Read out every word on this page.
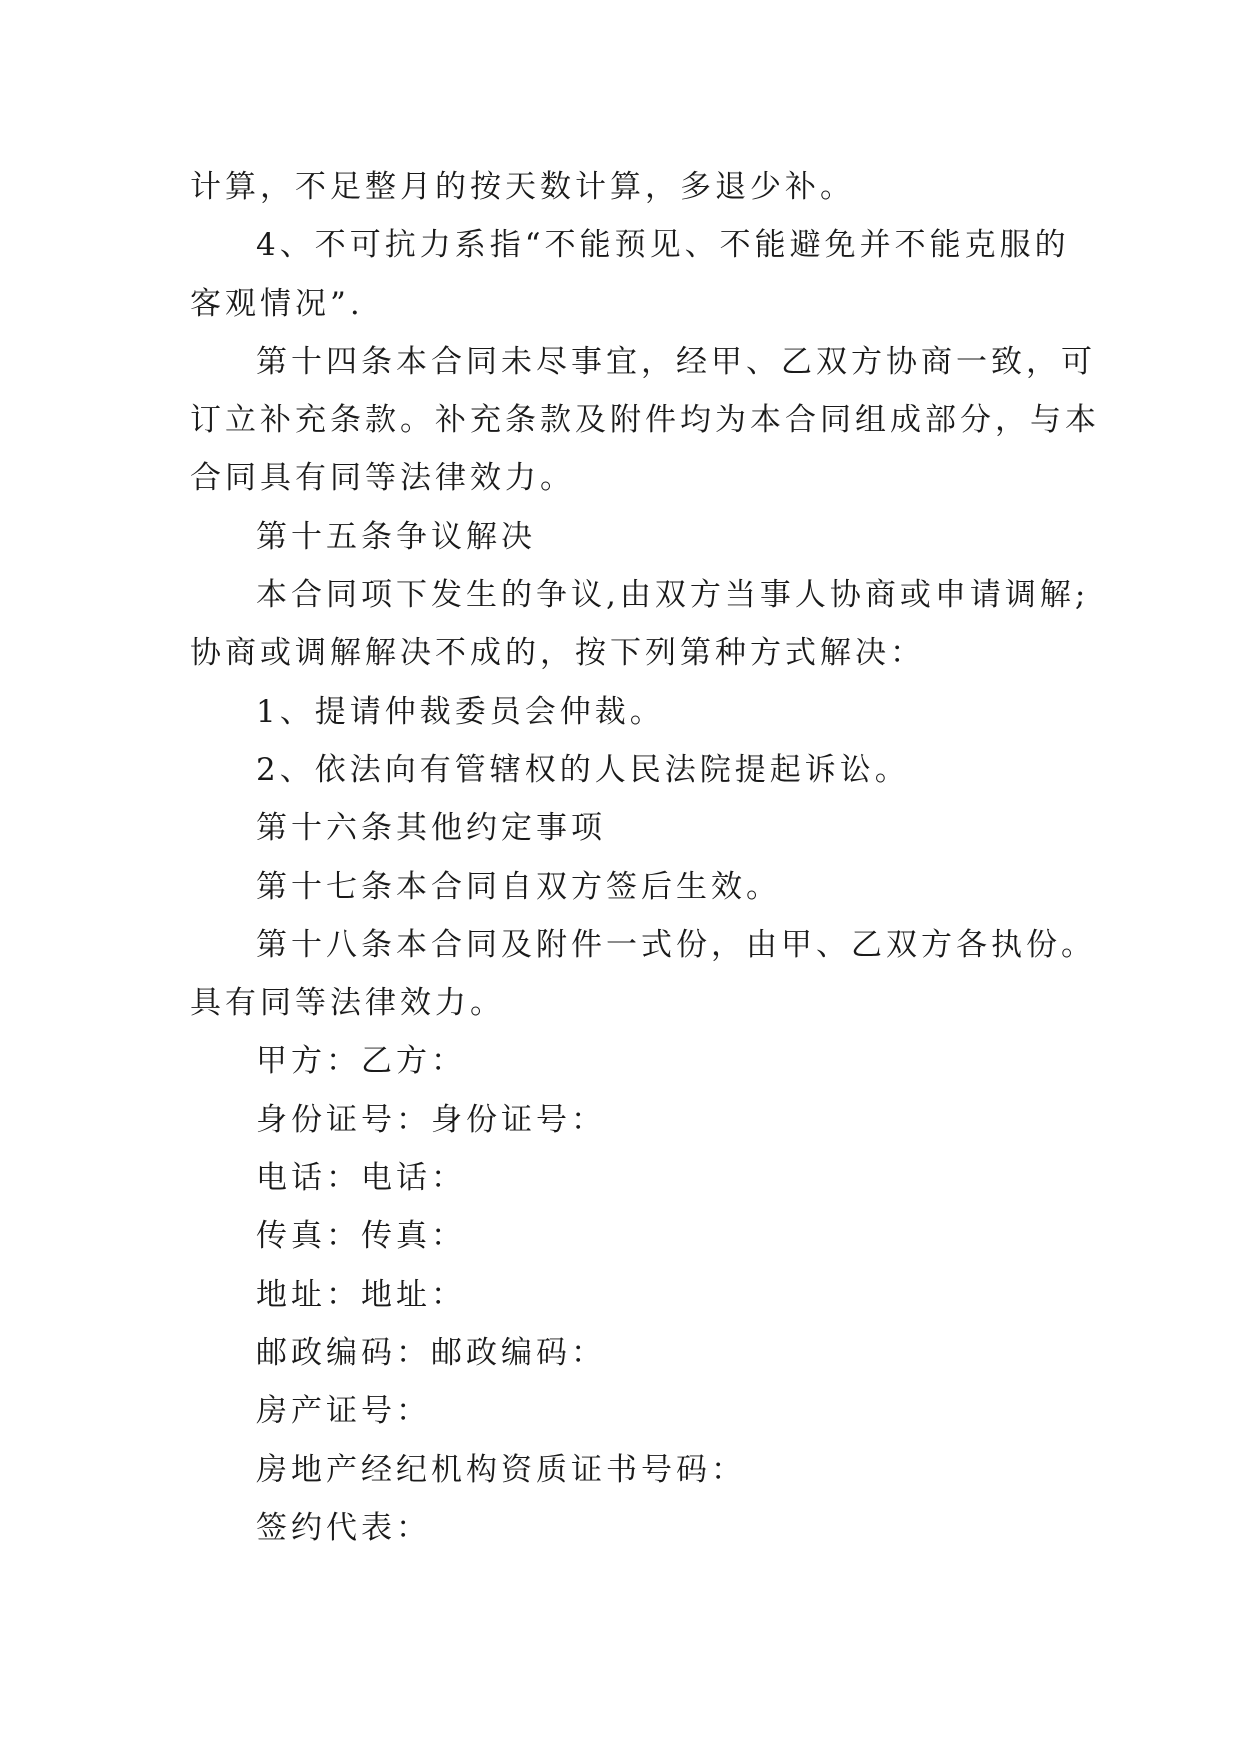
计算，不足整月的按天数计算，多退少补。
4、不可抗力系指“不能预见、不能避免并不能克服的
客观情况”.
第十四条本合同未尽事宜，经甲、乙双方协商一致，可
订立补充条款。补充条款及附件均为本合同组成部分，与本
合同具有同等法律效力。
第十五条争议解决
本合同项下发生的争议,由双方当事人协商或申请调解;
协商或调解解决不成的，按下列第种方式解决：
1、提请仲裁委员会仲裁。
2、依法向有管辖权的人民法院提起诉讼。
第十六条其他约定事项
第十七条本合同自双方签后生效。
第十八条本合同及附件一式份，由甲、乙双方各执份。
具有同等法律效力。
甲方：乙方：
身份证号：身份证号：
电话：电话：
传真：传真：
地址：地址：
邮政编码：邮政编码：
房产证号：
房地产经纪机构资质证书号码：
签约代表：
